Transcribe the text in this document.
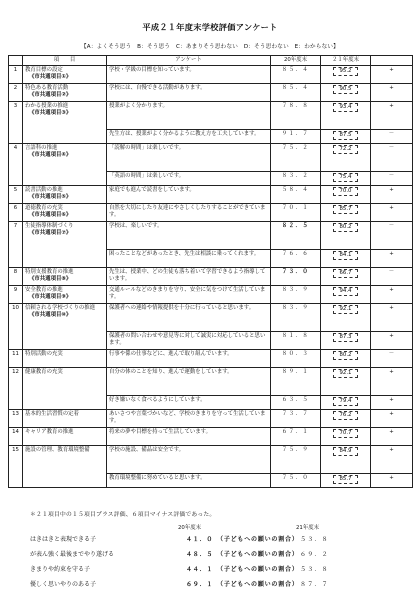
平成２１年度末学校評価アンケート
【A：よくそう思う　B：そう思う　C：あまりそう思わない　D：そう思わない　E：わからない】
	項　　目	アンケート	20年度末	２１年度末	
1	教育目標の設定
《市共通項目①》	学校・学級の目標を知っています。	８５．４	95.2	+
2	特色ある教育活動
《市共通項目②》	学校には、自慢できる活動があります。	８５．４	90.5	+
3	わかる授業の推進
《市共通項目③》	授業がよく分かります。	７８．８	93.4	+
		先生方は、授業がよく分かるように教え方を工夫しています。	９１．７	87.5	－
4	言語科の推進
《市共通項目④》	「読解の時間」は楽しいです。	７５．２	72.2	－
		「英語の時間」は楽しいです。	８３．２	75.4	－
5	読書活動の推進
《市共通項目⑤》	家庭でも進んで読書をしています。	５８．４	70.0	+
6	道徳教育の充実
《市共通項目⑥》	自然を大切にしたり友達にやさしくしたりすることができています。	７０．１	85.7	+
7	生徒指導体制づくり
《市共通項目⑦》	学校は、楽しいです。	８２．５	80.2	－
		困ったことなどがあったとき、先生は相談に乗ってくれます。	７６．６	84.1	+
8	特別支援教育の推進
《市共通項目⑧》	先生は、授業中、どの生徒も落ち着いて学習できるよう指導しています。	７３．０	66.7	－
9	安全教育の推進
《市共通項目⑨》	交通ルールなどのきまりを守り、安全に気をつけて生活しています。	８３．９	94.4	+
10	信頼される学校づくりの推進
《市共通項目⑩》	保護者への連絡や情報提供を十分に行っていると思います。	８３．９	92.1	+
		保護者の問い合わせや意見等に対して誠実に対応していると思います。	８１．８	87.3	+
11	特別活動の充実	行事や係の仕事などに、進んで取り組んでいます。	８０．３	80.2	－
12	健康教育の充実	自分の体のことを知り、進んで運動をしています。	８９．１	92.1	+
		好き嫌いなく食べるようにしています。	６３．５	79.4	+
13	基本的生活習慣の定着	あいさつや言葉づかいなど、学校のきまりを守って生活しています。	７３．７	76.2	+
14	キャリア教育の推進	将来の夢や目標を持って生活しています。	６７．１	70.7	+
15	施設の管理、教育環境整備	学校の施設、備品は安全です。	７５．９	84.9	+
		教育環境整備に努めていると思います。	７５．０	85.7	+
＊２１項目中の１５項目プラス評価、６項目マイナス評価であった。
20年度末	21年度末
はきはきと表現できる子	４１．０　 （子どもへの願いの割合） ５３．８
が表ん強く最後までやり遂げる	４８．５　 （子どもへの願いの割合） ６９．２
きまりや約束を守る子	４４．１　 （子どもへの願いの割合） ５３．８
優しく思いやりのある子	６９．１　 （子どもへの願いの割合） ８７．７
